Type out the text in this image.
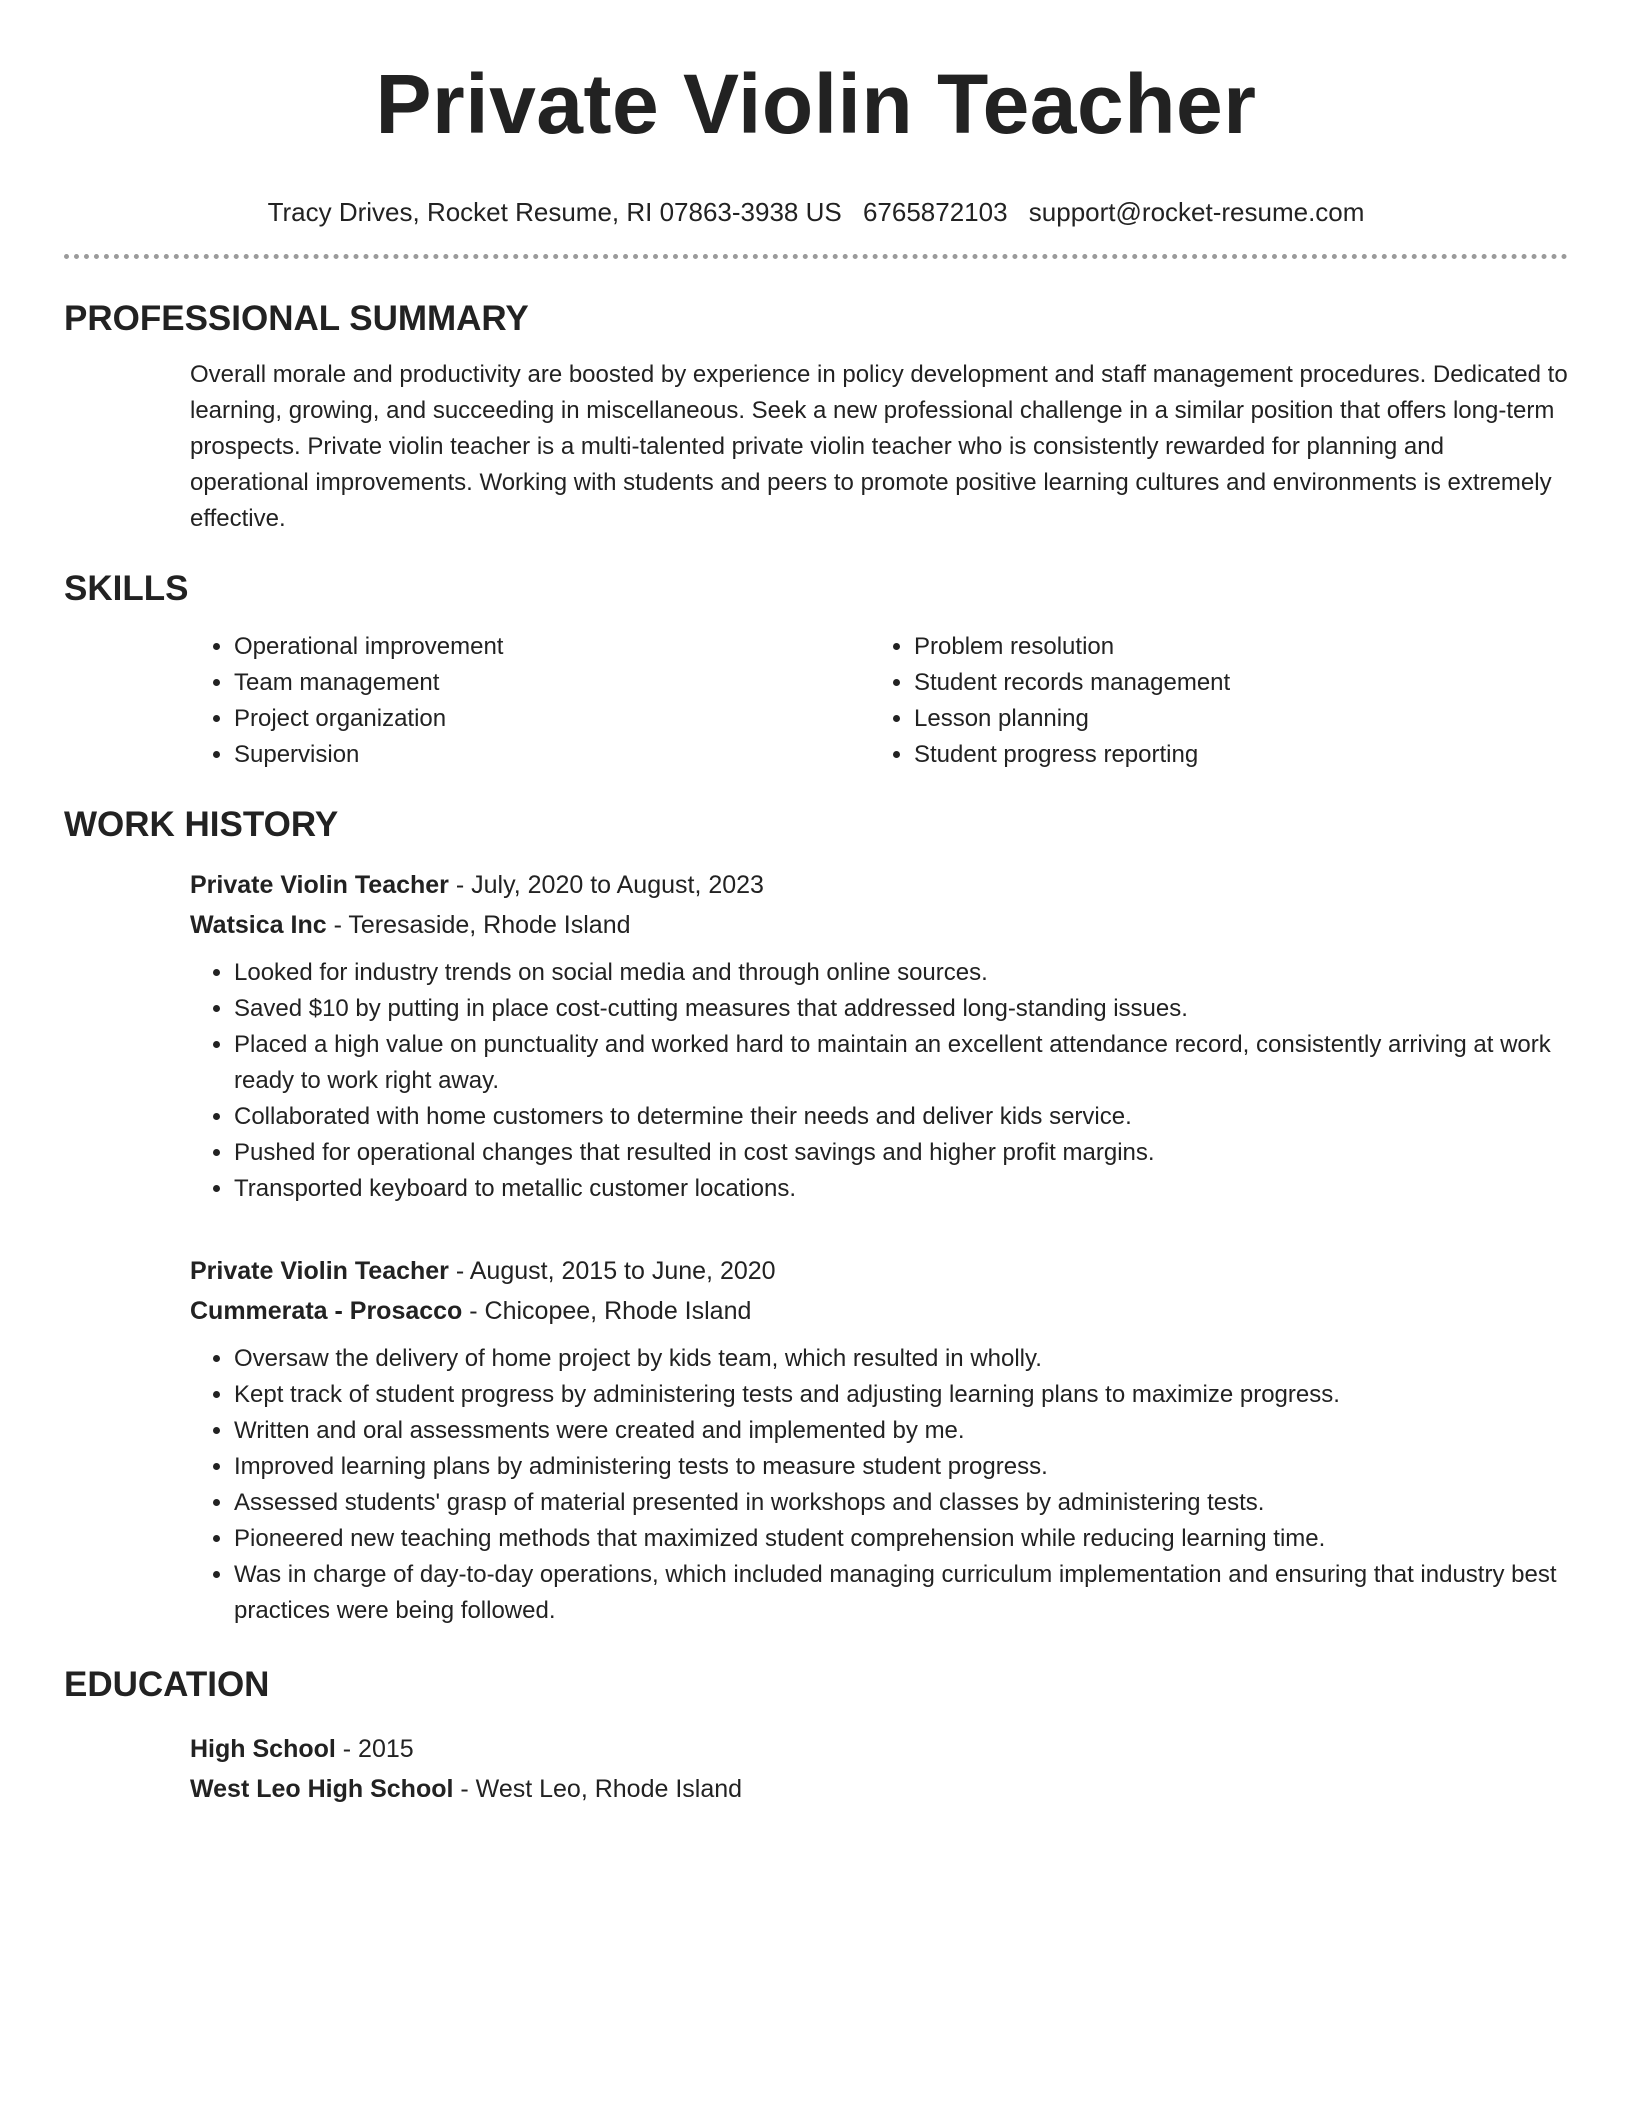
Private Violin Teacher
Tracy Drives, Rocket Resume, RI 07863-3938 US 6765872103 support@rocket-resume.com
PROFESSIONAL SUMMARY

Overall morale and productivity are boosted by experience in policy development and staff management procedures. Dedicated to learning, growing, and succeeding in miscellaneous. Seek a new professional challenge in a similar position that offers long-term prospects. Private violin teacher is a multi-talented private violin teacher who is consistently rewarded for planning and operational improvements. Working with students and peers to promote positive learning cultures and environments is extremely effective.

SKILLS
• Operational improvement
• Team management
• Project organization
• Supervision
• Problem resolution
• Student records management
• Lesson planning
• Student progress reporting
WORK HISTORY
Private Violin Teacher - July, 2020 to August, 2023
Watsica Inc - Teresaside, Rhode Island
• Looked for industry trends on social media and through online sources.
• Saved $10 by putting in place cost-cutting measures that addressed long-standing issues.
• Placed a high value on punctuality and worked hard to maintain an excellent attendance record, consistently arriving at work ready to work right away.
• Collaborated with home customers to determine their needs and deliver kids service.
• Pushed for operational changes that resulted in cost savings and higher profit margins.
• Transported keyboard to metallic customer locations.
Private Violin Teacher - August, 2015 to June, 2020
Cummerata - Prosacco - Chicopee, Rhode Island
• Oversaw the delivery of home project by kids team, which resulted in wholly.
• Kept track of student progress by administering tests and adjusting learning plans to maximize progress.
• Written and oral assessments were created and implemented by me.
• Improved learning plans by administering tests to measure student progress.
• Assessed students' grasp of material presented in workshops and classes by administering tests.
• Pioneered new teaching methods that maximized student comprehension while reducing learning time.
• Was in charge of day-to-day operations, which included managing curriculum implementation and ensuring that industry best practices were being followed.
EDUCATION
High School - 2015
West Leo High School - West Leo, Rhode Island
